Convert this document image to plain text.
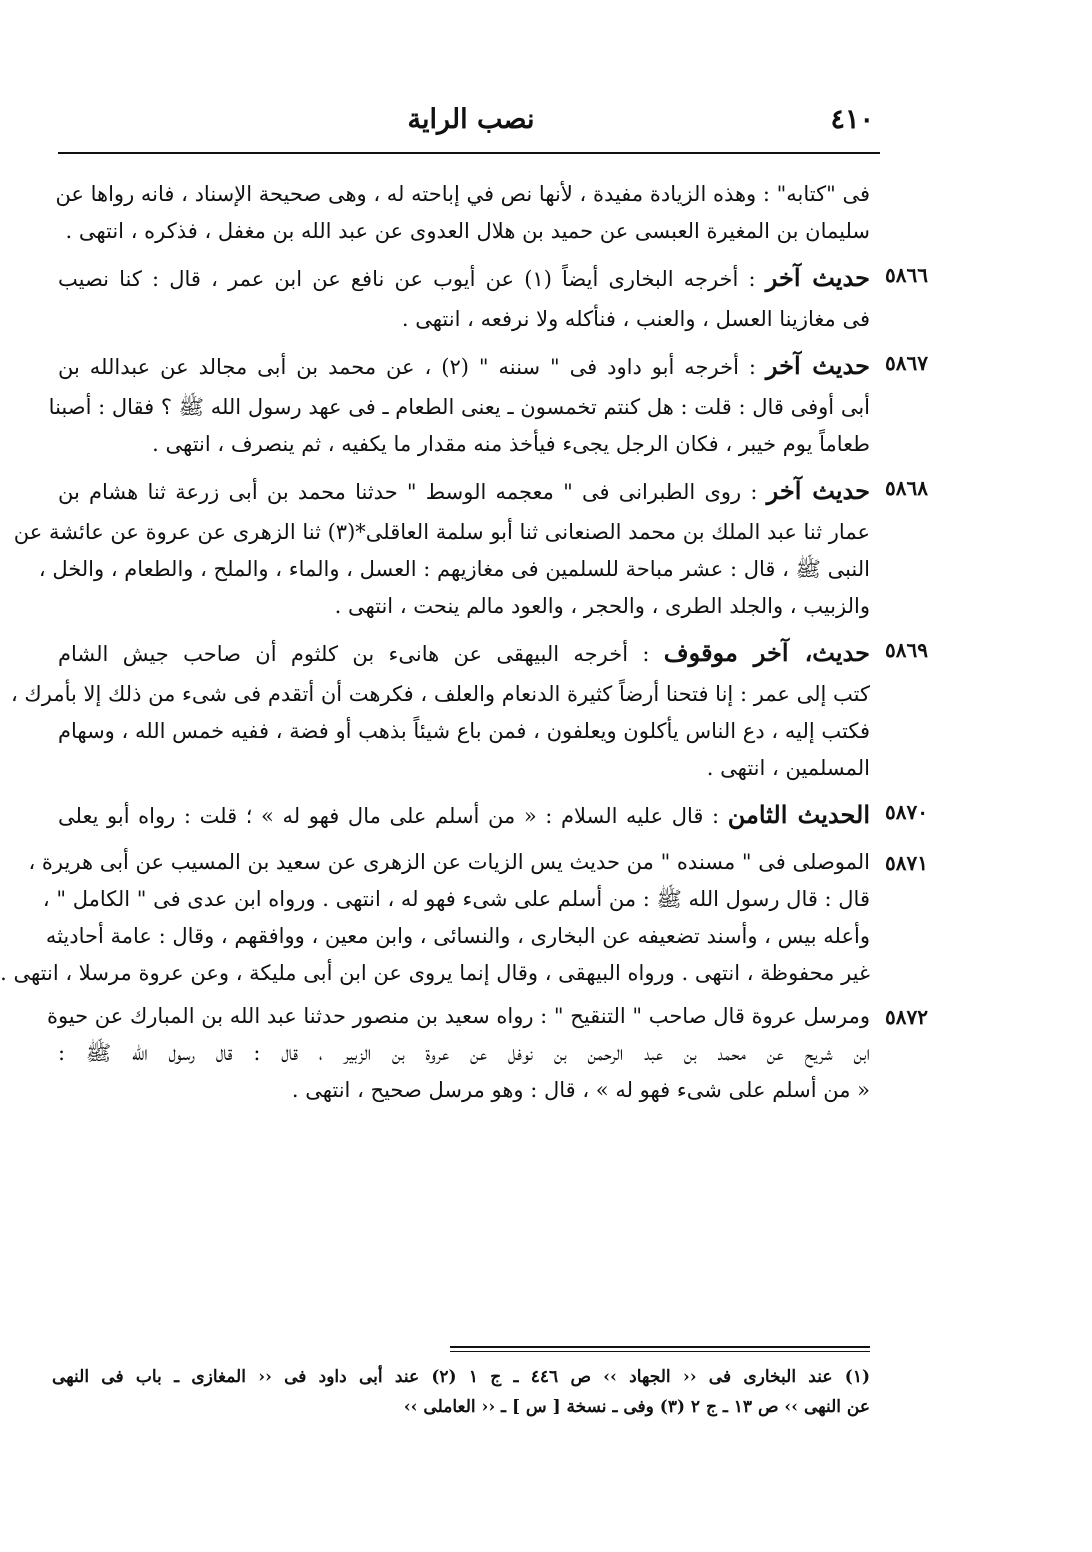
٤١٠
نصب الراية
فى "كتابه" : وهذه الزيادة مفيدة ، لأنها نص في إباحته له ، وهى صحيحة الإسناد ، فانه رواها عن
سليمان بن المغيرة العبسى عن حميد بن هلال العدوى عن عبد الله بن مغفل ، فذكره ، انتهى .
٥٨٦٦
حديث آخر : أخرجه البخارى أيضاً (١) عن أيوب عن نافع عن ابن عمر ، قال : كنا نصيب
فى مغازينا العسل ، والعنب ، فنأكله ولا نرفعه ، انتهى .
٥٨٦٧
حديث آخر : أخرجه أبو داود فى " سننه " (٢) ، عن محمد بن أبى مجالد عن عبدالله بن
أبى أوفى قال : قلت : هل كنتم تخمسون ـ يعنى الطعام ـ فى عهد رسول الله ﷺ ؟ فقال : أصبنا
طعاماً يوم خيبر ، فكان الرجل يجىء فيأخذ منه مقدار ما يكفيه ، ثم ينصرف ، انتهى .
٥٨٦٨
حديث آخر : روى الطبرانى فى " معجمه الوسط " حدثنا محمد بن أبى زرعة ثنا هشام بن
عمار ثنا عبد الملك بن محمد الصنعانى ثنا أبو سلمة العاقلى*(٣) ثنا الزهرى عن عروة عن عائشة عن
النبى ﷺ ، قال : عشر مباحة للسلمين فى مغازيهم : العسل ، والماء ، والملح ، والطعام ، والخل ،
والزبيب ، والجلد الطرى ، والحجر ، والعود مالم ينحت ، انتهى .
٥٨٦٩
حديث، آخر موقوف : أخرجه البيهقى عن هانىء بن كلثوم أن صاحب جيش الشام
كتب إلى عمر : إنا فتحنا أرضاً كثيرة الدنعام والعلف ، فكرهت أن أتقدم فى شىء من ذلك إلا بأمرك ،
فكتب إليه ، دع الناس يأكلون ويعلفون ، فمن باع شيئاً بذهب أو فضة ، ففيه خمس الله ، وسهام
المسلمين ، انتهى .
٥٨٧٠
الحديث الثامن : قال عليه السلام : « من أسلم على مال فهو له » ؛ قلت : رواه أبو يعلى
٥٨٧١
الموصلى فى " مسنده " من حديث يس الزيات عن الزهرى عن سعيد بن المسيب عن أبى هريرة ،
قال : قال رسول الله ﷺ : من أسلم على شىء فهو له ، انتهى . ورواه ابن عدى فى " الكامل " ،
وأعله بيس ، وأسند تضعيفه عن البخارى ، والنسائى ، وابن معين ، ووافقهم ، وقال : عامة أحاديثه
غير محفوظة ، انتهى . ورواه البيهقى ، وقال إنما يروى عن ابن أبى مليكة ، وعن عروة مرسلا ، انتهى .
٥٨٧٢
ومرسل عروة قال صاحب " التنقيح " : رواه سعيد بن منصور حدثنا عبد الله بن المبارك عن حيوة
ابن شريح عن محمد بن عبد الرحمن بن نوفل عن عروة بن الزبير ، قال : قال رسول الله ﷺ :
« من أسلم على شىء فهو له » ، قال : وهو مرسل صحيح ، انتهى .
(١) عند البخارى فى ‹‹ الجهاد ›› ص ٤٤٦ ـ ج ١ (٢) عند أبى داود فى ‹‹ المغازى ـ باب فى النهى
عن النهى ›› ص ١٣ ـ ج ٢ (٣) وفى ـ نسخة [ س ] ـ ‹‹ العاملى ››
